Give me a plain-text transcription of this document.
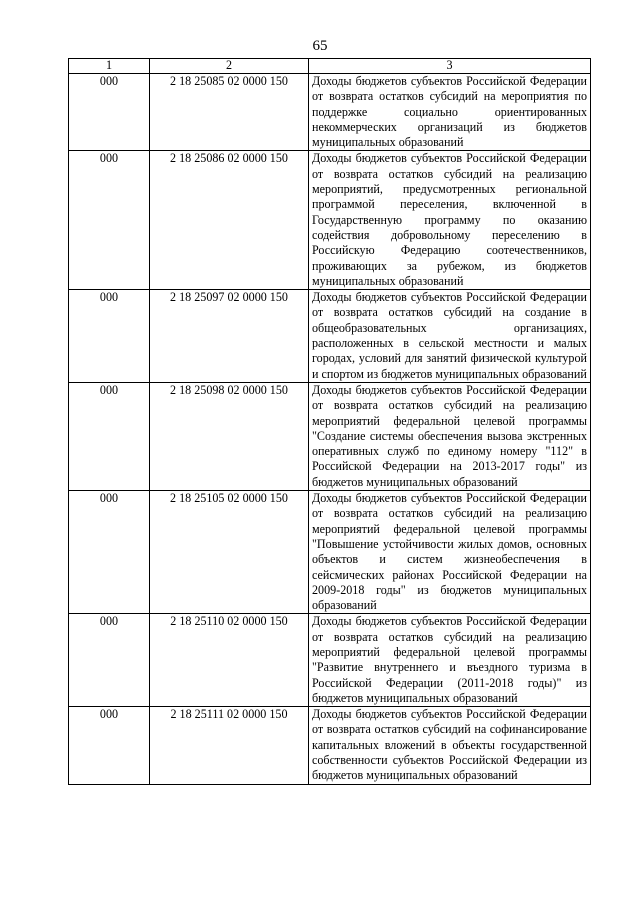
65
1	2	3
000	2 18 25085 02 0000 150	Доходы бюджетов субъектов Российской Федерации от возврата остатков субсидий на мероприятия по поддержке социально ориентированных некоммерческих организаций из бюджетов муниципальных образований
000	2 18 25086 02 0000 150	Доходы бюджетов субъектов Российской Федерации от возврата остатков субсидий на реализацию мероприятий, предусмотренных региональной программой переселения, включенной в Государственную программу по оказанию содействия добровольному переселению в Российскую Федерацию соотечественников, проживающих за рубежом, из бюджетов муниципальных образований
000	2 18 25097 02 0000 150	Доходы бюджетов субъектов Российской Федерации от возврата остатков субсидий на создание в общеобразовательных организациях, расположенных в сельской местности и малых городах, условий для занятий физической культурой и спортом из бюджетов муниципальных образований
000	2 18 25098 02 0000 150	Доходы бюджетов субъектов Российской Федерации от возврата остатков субсидий на реализацию мероприятий федеральной целевой программы "Создание системы обеспечения вызова экстренных оперативных служб по единому номеру "112" в Российской Федерации на 2013-2017 годы" из бюджетов муниципальных образований
000	2 18 25105 02 0000 150	Доходы бюджетов субъектов Российской Федерации от возврата остатков субсидий на реализацию мероприятий федеральной целевой программы "Повышение устойчивости жилых домов, основных объектов и систем жизнеобеспечения в сейсмических районах Российской Федерации на 2009-2018 годы" из бюджетов муниципальных образований
000	2 18 25110 02 0000 150	Доходы бюджетов субъектов Российской Федерации от возврата остатков субсидий на реализацию мероприятий федеральной целевой программы "Развитие внутреннего и въездного туризма в Российской Федерации (2011-2018 годы)" из бюджетов муниципальных образований
000	2 18 25111 02 0000 150	Доходы бюджетов субъектов Российской Федерации от возврата остатков субсидий на софинансирование капитальных вложений в объекты государственной собственности субъектов Российской Федерации из бюджетов муниципальных образований
